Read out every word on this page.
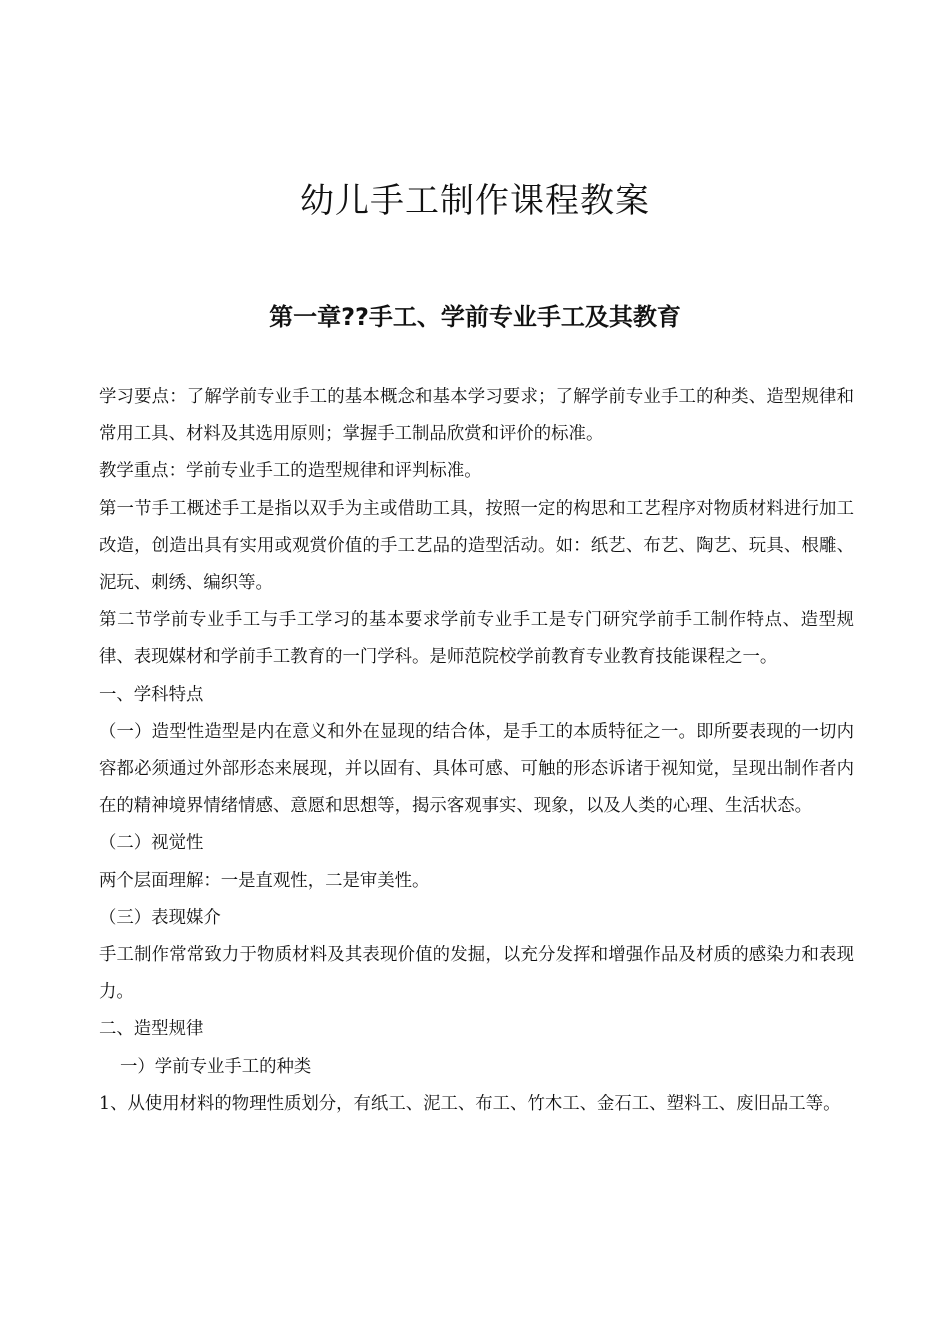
幼儿手工制作课程教案
第一章??手工、学前专业手工及其教育

学习要点：了解学前专业手工的基本概念和基本学习要求；了解学前专业手工的种类、造型规律和常用工具、材料及其选用原则；掌握手工制品欣赏和评价的标准。

教学重点：学前专业手工的造型规律和评判标准。

第一节手工概述手工是指以双手为主或借助工具，按照一定的构思和工艺程序对物质材料进行加工改造，创造出具有实用或观赏价值的手工艺品的造型活动。如：纸艺、布艺、陶艺、玩具、根雕、泥玩、刺绣、编织等。

第二节学前专业手工与手工学习的基本要求学前专业手工是专门研究学前手工制作特点、造型规律、表现媒材和学前手工教育的一门学科。是师范院校学前教育专业教育技能课程之一。

一、学科特点

（一）造型性造型是内在意义和外在显现的结合体，是手工的本质特征之一。即所要表现的一切内容都必须通过外部形态来展现，并以固有、具体可感、可触的形态诉诸于视知觉，呈现出制作者内在的精神境界情绪情感、意愿和思想等，揭示客观事实、现象，以及人类的心理、生活状态。

（二）视觉性

两个层面理解：一是直观性，二是审美性。

（三）表现媒介

手工制作常常致力于物质材料及其表现价值的发掘，以充分发挥和增强作品及材质的感染力和表现力。

二、造型规律

一）学前专业手工的种类

1、从使用材料的物理性质划分，有纸工、泥工、布工、竹木工、金石工、塑料工、废旧品工等。
